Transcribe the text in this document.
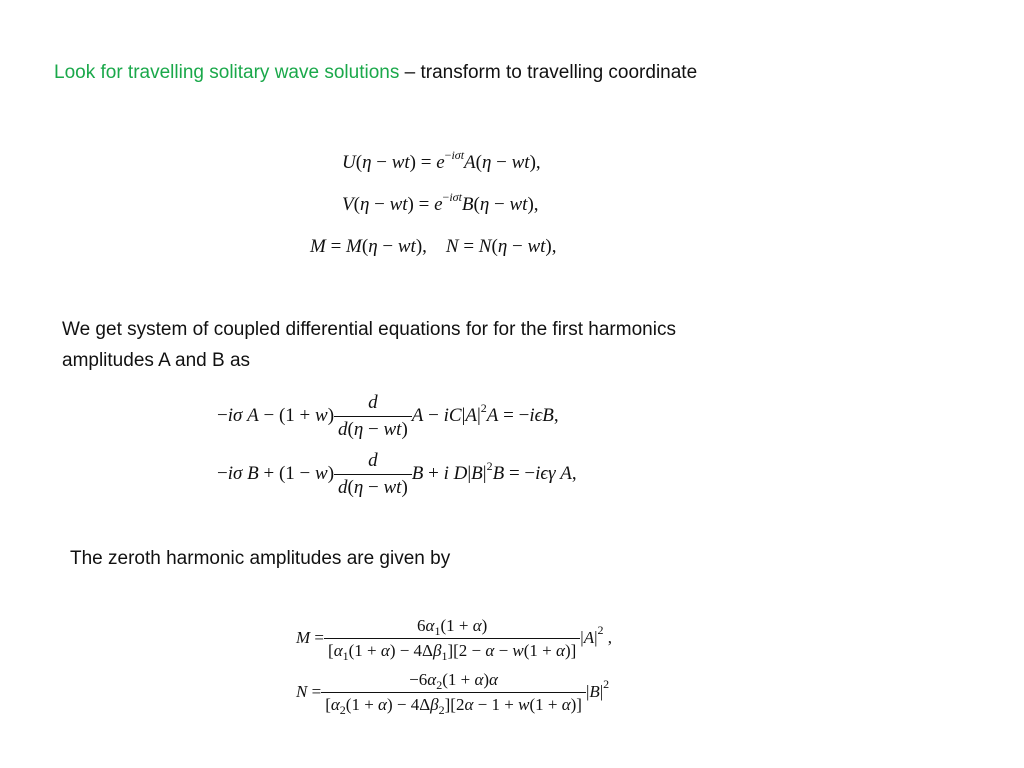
Look for travelling solitary wave solutions – transform to travelling coordinate
$U(\eta - wt) = e^{-i\sigma t}A(\eta - wt)$,
$V(\eta - wt) = e^{-i\sigma t}B(\eta - wt)$,
M = M(η − wt),    N = N(η − wt),
We get system of coupled differential equations for for the first harmonics
amplitudes A and B as
−iσ $A - (1 + w) \frac{d}{d(\eta - wt)}$ $A - iC|A|^2A = -i\epsilon B$,
−iσ $B + (1 - w) \frac{d}{d(\eta - wt)}$ B + i $D|B|^2B = -i\epsilon\gamma$ A,
The zeroth harmonic amplitudes are given by
$M = \frac{6\alpha_1(1 + \alpha)}{[\alpha_1(1 + \alpha) - 4\Delta\beta_1][2 - \alpha - w(1 + \alpha)]} |A|^2$ ,
$N = \frac{-6\alpha_2(1 + \alpha)\alpha}{[\alpha_2(1 + \alpha) - 4\Delta\beta_2][2\alpha - 1 + w(1 + \alpha)]} |B|^2$
